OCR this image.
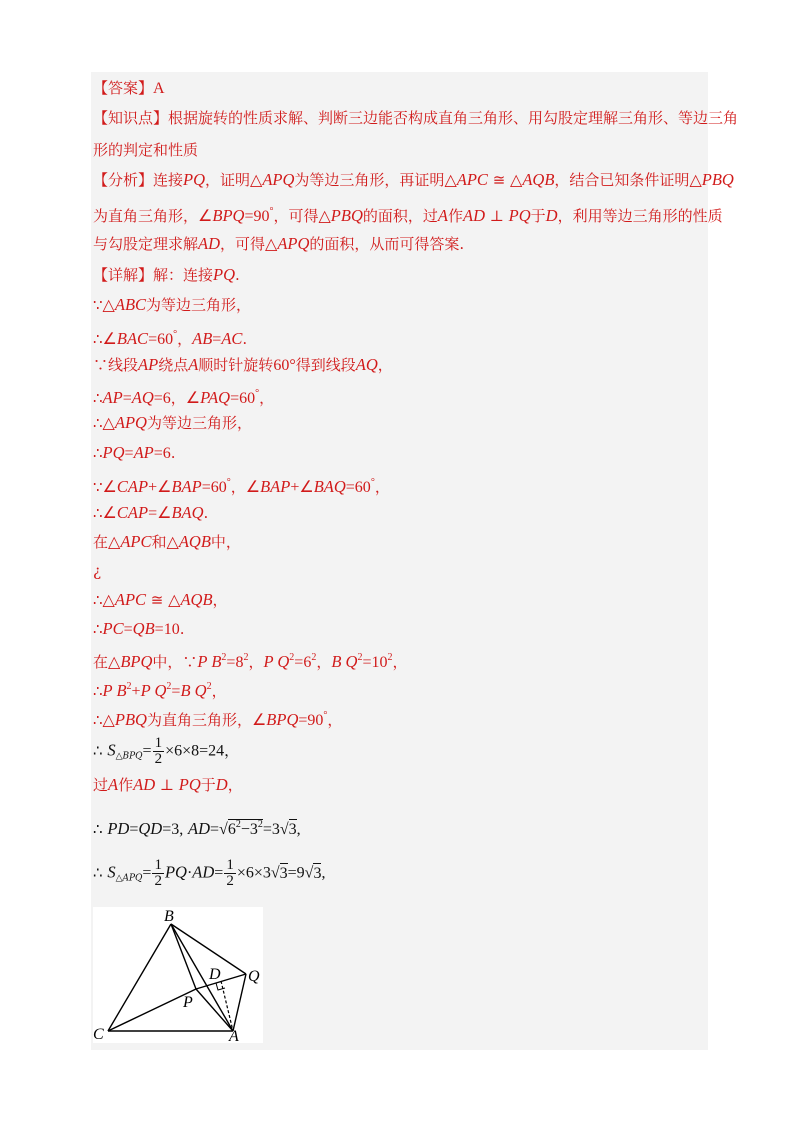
【答案】A
【知识点】根据旋转的性质求解、判断三边能否构成直角三角形、用勾股定理解三角形、等边三角
形的判定和性质
【分析】连接PQ，证明△APQ为等边三角形，再证明△APC ≅ △AQB，结合已知条件证明△PBQ
为直角三角形，∠BPQ=90°，可得△PBQ的面积，过A作AD ⊥ PQ于D，利用等边三角形的性质
与勾股定理求解AD，可得△APQ的面积，从而可得答案.
【详解】解：连接PQ.
∵△ABC为等边三角形，
∴∠BAC=60°，AB=AC.
∵线段AP绕点A顺时针旋转60°得到线段AQ，
∴AP=AQ=6，∠PAQ=60°，
∴△APQ为等边三角形，
∴PQ=AP=6.
∵∠CAP+∠BAP=60°，∠BAP+∠BAQ=60°，
∴∠CAP=∠BAQ.
在△APC和△AQB中，
¿
∴△APC ≅ △AQB，
∴PC=QB=10.
在△BPQ中，∵P $B^2=8^2$，P $Q^2=6^2$，B $Q^2=10^2$，
∴P $B^2+P$ $Q^2=B$ $Q^2$，
∴△PBQ为直角三角形，∠BPQ=90°，
∴ $S_{\triangle BPQ}= \frac{1}{2} \times 6\times 8=24$，
过A作AD ⊥ PQ于D，
∴ PD=QD=3, $AD=√6^2-3^2=3√3$,
∴ $S_{\triangle APQ}= \frac{1}{2} PQ\cdot AD= \frac{1}{2} \times 6\times 3√3=9√3$,
B
C	A
P
Q
D
